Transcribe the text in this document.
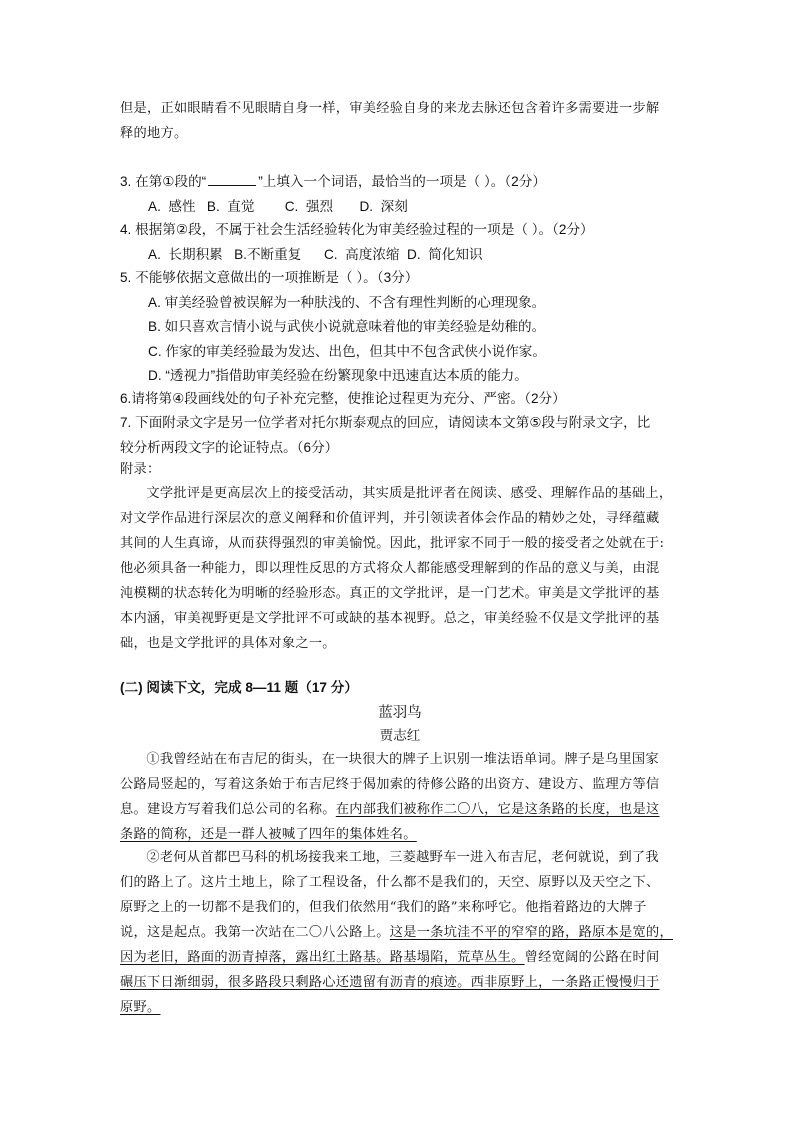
但是，正如眼睛看不见眼睛自身一样，审美经验自身的来龙去脉还包含着许多需要进一步解

释的地方。

3. 在第①段的“	”上填入一个词语，最恰当的一项是（ ）。（2分）

A.  感性   B.  直觉        C.  强烈       D.  深刻

4. 根据第②段，不属于社会生活经验转化为审美经验过程的一项是（ ）。（2分）

A.  长期积累   B.不断重复      C.  高度浓缩  D.  简化知识

5. 不能够依据文意做出的一项推断是（ ）。（3分）

A. 审美经验曾被误解为一种肤浅的、不含有理性判断的心理现象。

B. 如只喜欢言情小说与武侠小说就意味着他的审美经验是幼稚的。

C. 作家的审美经验最为发达、出色，但其中不包含武侠小说作家。

D. “透视力”指借助审美经验在纷繁现象中迅速直达本质的能力。

6.请将第④段画线处的句子补充完整，使推论过程更为充分、严密。（2分）

7. 下面附录文字是另一位学者对托尔斯泰观点的回应，请阅读本文第⑤段与附录文字，比

较分析两段文字的论证特点。（6分）

附录：

文学批评是更高层次上的接受活动，其实质是批评者在阅读、感受、理解作品的基础上，

对文学作品进行深层次的意义阐释和价值评判，并引领读者体会作品的精妙之处，寻绎蕴藏

其间的人生真谛，从而获得强烈的审美愉悦。因此，批评家不同于一般的接受者之处就在于:

他必须具备一种能力，即以理性反思的方式将众人都能感受理解到的作品的意义与美，由混

沌模糊的状态转化为明晰的经验形态。真正的文学批评，是一门艺术。审美是文学批评的基

本内涵，审美视野更是文学批评不可或缺的基本视野。总之，审美经验不仅是文学批评的基

础，也是文学批评的具体对象之一。

(二) 阅读下文，完成 8—11 题（17 分）
蓝羽鸟
贾志红

①我曾经站在布吉尼的街头，在一块很大的牌子上识别一堆法语单词。牌子是乌里国家

公路局竖起的，写着这条始于布吉尼终于偈加索的待修公路的出资方、建设方、监理方等信

息。建设方写着我们总公司的名称。在内部我们被称作二〇八，它是这条路的长度，也是这

条路的简称，还是一群人被喊了四年的集体姓名。

②老何从首都巴马科的机场接我来工地，三菱越野车一进入布吉尼，老何就说，到了我

们的路上了。这片土地上，除了工程设备，什么都不是我们的，天空、原野以及天空之下、

原野之上的一切都不是我们的，但我们依然用“我们的路”来称呼它。他指着路边的大牌子

说，这是起点。我第一次站在二〇八公路上。这是一条坑洼不平的窄窄的路，路原本是宽的，

因为老旧，路面的沥青掉落，露出红土路基。路基塌陷，荒草丛生。曾经宽阔的公路在时间

碾压下日渐细弱，很多路段只剩路心还遗留有沥青的痕迹。西非原野上，一条路正慢慢归于

原野。
